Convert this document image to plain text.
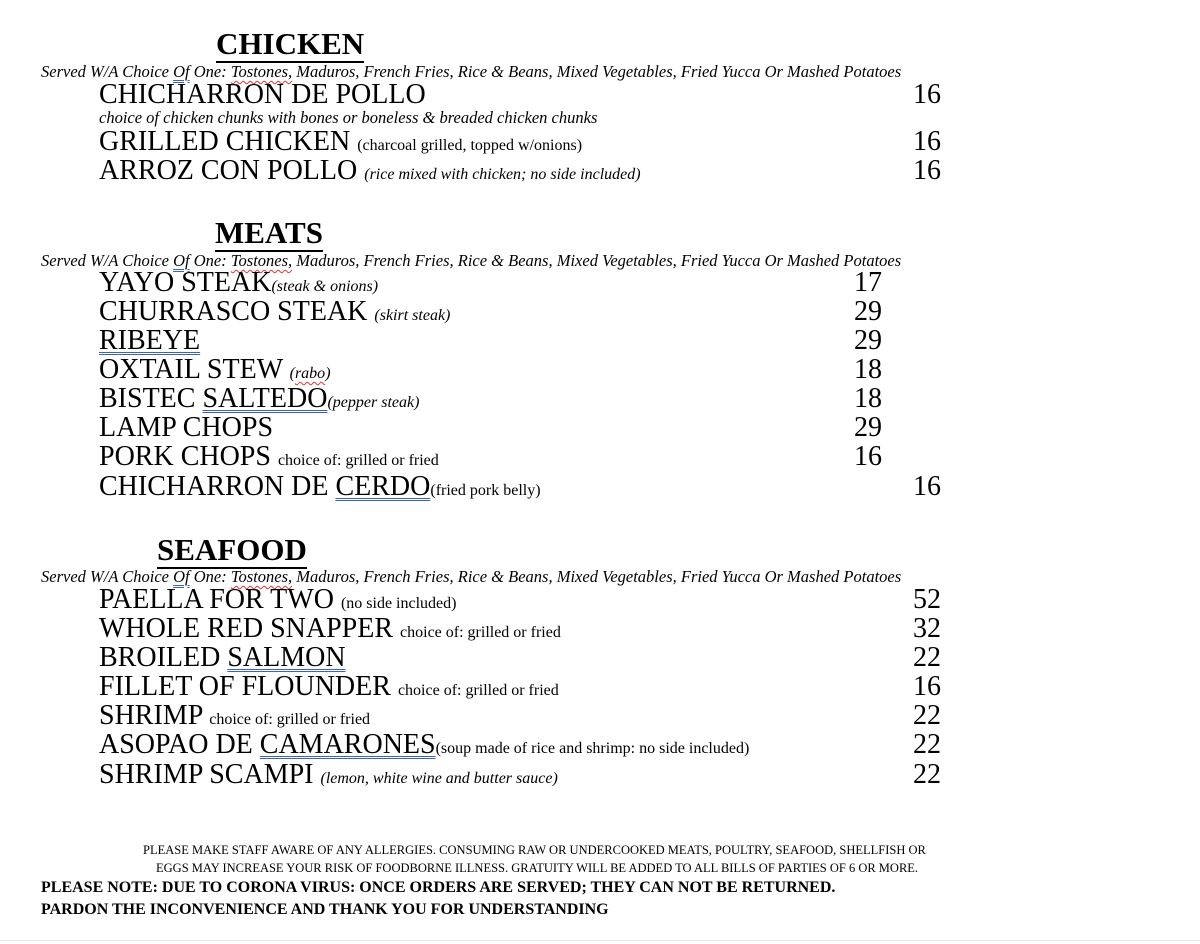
CHICKEN
Served W/A Choice Of One: Tostones, Maduros, French Fries, Rice & Beans, Mixed Vegetables, Fried Yucca Or Mashed Potatoes
CHICHARRON DE POLLO	16
choice of chicken chunks with bones or boneless & breaded chicken chunks
GRILLED CHICKEN (charcoal grilled, topped w/onions)	16
ARROZ CON POLLO (rice mixed with chicken; no side included)	16
MEATS
Served W/A Choice Of One: Tostones, Maduros, French Fries, Rice & Beans, Mixed Vegetables, Fried Yucca Or Mashed Potatoes
YAYO STEAK(steak & onions)	17
CHURRASCO STEAK (skirt steak)	29
RIBEYE	29
OXTAIL STEW (rabo)	18
BISTEC SALTEDO(pepper steak)	18
LAMP CHOPS	29
PORK CHOPS choice of: grilled or fried	16
CHICHARRON DE CERDO(fried pork belly)	16
SEAFOOD
Served W/A Choice Of One: Tostones, Maduros, French Fries, Rice & Beans, Mixed Vegetables, Fried Yucca Or Mashed Potatoes
PAELLA FOR TWO (no side included)	52
WHOLE RED SNAPPER choice of: grilled or fried	32
BROILED SALMON	22
FILLET OF FLOUNDER choice of: grilled or fried	16
SHRIMP choice of: grilled or fried	22
ASOPAO DE CAMARONES(soup made of rice and shrimp: no side included)	22
SHRIMP SCAMPI (lemon, white wine and butter sauce)	22
PLEASE MAKE STAFF AWARE OF ANY ALLERGIES. CONSUMING RAW OR UNDERCOOKED MEATS, POULTRY, SEAFOOD, SHELLFISH OR
EGGS MAY INCREASE YOUR RISK OF FOODBORNE ILLNESS. GRATUITY WILL BE ADDED TO ALL BILLS OF PARTIES OF 6 OR MORE.
PLEASE NOTE: DUE TO CORONA VIRUS: ONCE ORDERS ARE SERVED; THEY CAN NOT BE RETURNED.
PARDON THE INCONVENIENCE AND THANK YOU FOR UNDERSTANDING
